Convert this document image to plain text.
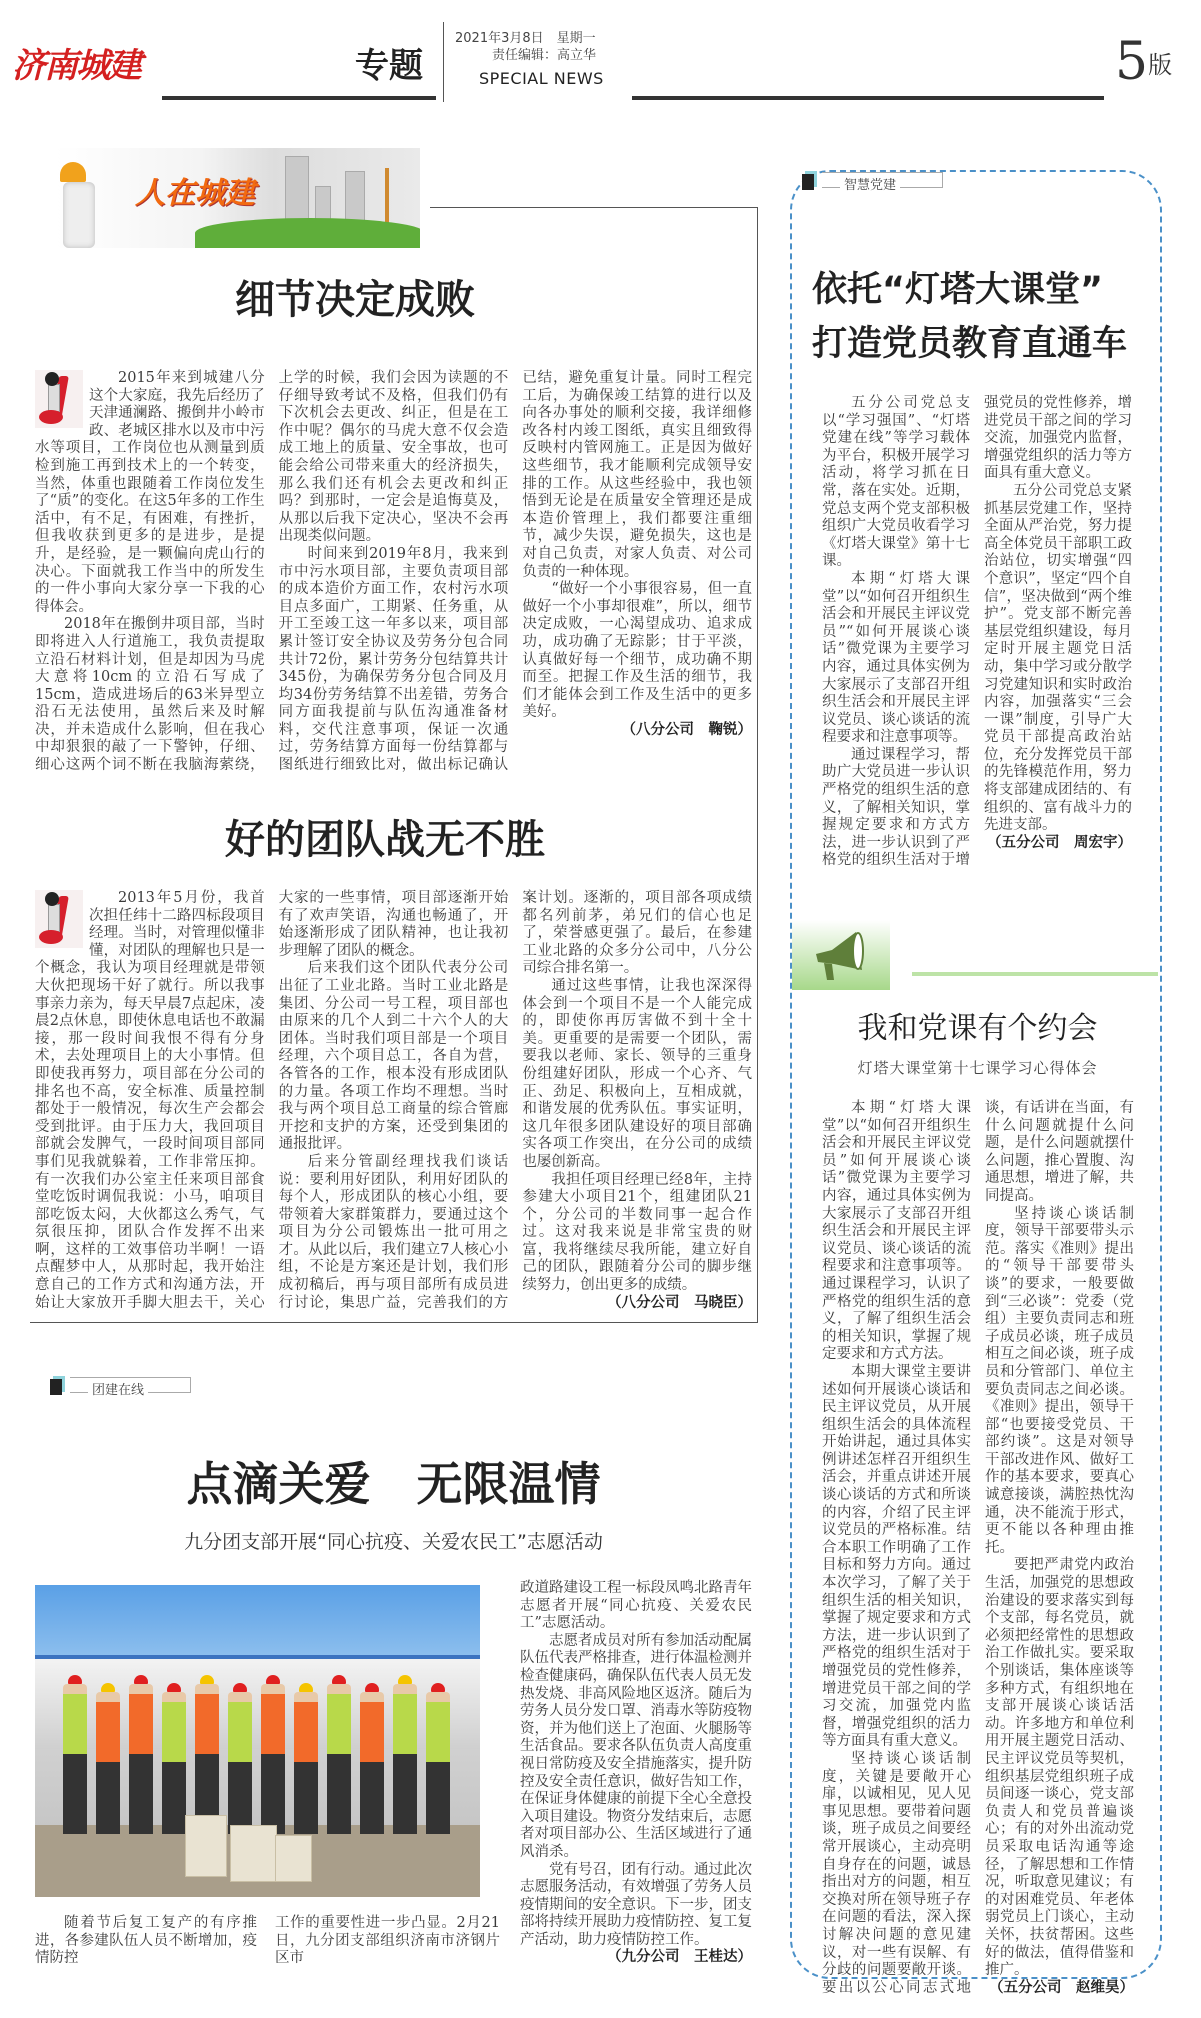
济南城建	专题
2021年3月8日　星期一
责任编辑：高立华
SPECIAL NEWS	5版
人在城建
细节决定成败

2015年来到城建八分这个大家庭，我先后经历了天津通澜路、搬倒井小岭市政、老城区排水以及市中污水等项目，工作岗位也从测量到质检到施工再到技术上的一个转变，当然，体重也跟随着工作岗位发生了“质”的变化。在这5年多的工作生活中，有不足，有困难，有挫折，但我收获到更多的是进步，是提升，是经验，是一颗偏向虎山行的决心。下面就我工作当中的所发生的一件小事向大家分享一下我的心得体会。

2018年在搬倒井项目部，当时即将进入人行道施工，我负责提取立沿石材料计划，但是却因为马虎大意将10cm的立沿石写成了15cm，造成进场后的63米异型立沿石无法使用，虽然后来及时解决，并未造成什么影响，但在我心中却狠狠的敲了一下警钟，仔细、细心这两个词不断在我脑海萦绕，上学的时候，我们会因为读题的不仔细导致考试不及格，但我们仍有下次机会去更改、纠正，但是在工作中呢？偶尔的马虎大意不仅会造成工地上的质量、安全事故，也可能会给公司带来重大的经济损失，那么我们还有机会去更改和纠正吗？到那时，一定会是追悔莫及，从那以后我下定决心，坚决不会再出现类似问题。

时间来到2019年8月，我来到市中污水项目部，主要负责项目部的成本造价方面工作，农村污水项目点多面广，工期紧、任务重，从开工至竣工这一年多以来，项目部累计签订安全协议及劳务分包合同共计72份，累计劳务分包结算共计345份，为确保劳务分包合同及月均34份劳务结算不出差错，劳务合同方面我提前与队伍沟通准备材料，交代注意事项，保证一次通过，劳务结算方面每一份结算都与图纸进行细致比对，做出标记确认已结，避免重复计量。同时工程完工后，为确保竣工结算的进行以及向各办事处的顺利交接，我详细修改各村内竣工图纸，真实且细致得反映村内管网施工。正是因为做好这些细节，我才能顺利完成领导安排的工作。从这些经验中，我也领悟到无论是在质量安全管理还是成本造价管理上，我们都要注重细节，减少失误，避免损失，这也是对自己负责，对家人负责、对公司负责的一种体现。

“做好一个小事很容易，但一直做好一个小事却很难”，所以，细节决定成败，一心渴望成功、追求成功，成功确了无踪影；甘于平淡，认真做好每一个细节，成功确不期而至。把握工作及生活的细节，我们才能体会到工作及生活中的更多美好。

（八分公司　鞠锐）

好的团队战无不胜

2013年5月份，我首次担任纬十二路四标段项目经理。当时，对管理似懂非懂，对团队的理解也只是一个概念，我认为项目经理就是带领大伙把现场干好了就行。所以我事事亲力亲为，每天早晨7点起床，凌晨2点休息，即使休息电话也不敢漏接，那一段时间我恨不得有分身术，去处理项目上的大小事情。但即使我再努力，项目部在分公司的排名也不高，安全标准、质量控制都处于一般情况，每次生产会都会受到批评。由于压力大，我回项目部就会发脾气，一段时间项目部同事们见我就躲着，工作非常压抑。有一次我们办公室主任来项目部食堂吃饭时调侃我说：小马，咱项目部吃饭太闷，大伙都这么秀气，气氛很压抑，团队合作发挥不出来啊，这样的工效事倍功半啊！一语点醒梦中人，从那时起，我开始注意自己的工作方式和沟通方法，开始让大家放开手脚大胆去干，关心大家的一些事情，项目部逐渐开始有了欢声笑语，沟通也畅通了，开始逐渐形成了团队精神，也让我初步理解了团队的概念。

后来我们这个团队代表分公司出征了工业北路。当时工业北路是集团、分公司一号工程，项目部也由原来的几个人到二十六个人的大团体。当时我们项目部是一个项目经理，六个项目总工，各自为营，各管各的工作，根本没有形成团队的力量。各项工作均不理想。当时我与两个项目总工商量的综合管廊开挖和支护的方案，还受到集团的通报批评。

后来分管副经理找我们谈话说：要利用好团队，利用好团队的每个人，形成团队的核心小组，要带领着大家群策群力，要通过这个项目为分公司锻炼出一批可用之才。从此以后，我们建立7人核心小组，不论是方案还是计划，我们形成初稿后，再与项目部所有成员进行讨论，集思广益，完善我们的方案计划。逐渐的，项目部各项成绩都名列前茅，弟兄们的信心也足了，荣誉感更强了。最后，在参建工业北路的众多分公司中，八分公司综合排名第一。

通过这些事情，让我也深深得体会到一个项目不是一个人能完成的，即使你再厉害做不到十全十美。更重要的是需要一个团队，需要我以老师、家长、领导的三重身份组建好团队，形成一个心齐、气正、劲足、积极向上，互相成就，和谐发展的优秀队伍。事实证明，这几年很多团队建设好的项目部确实各项工作突出，在分公司的成绩也屡创新高。

我担任项目经理已经8年，主持参建大小项目21个，组建团队21个，分公司的半数同事一起合作过。这对我来说是非常宝贵的财富，我将继续尽我所能，建立好自己的团队，跟随着分公司的脚步继续努力，创出更多的成绩。

（八分公司　马晓臣）

团建在线
点滴关爱　无限温情
九分团支部开展“同心抗疫、关爱农民工”志愿活动

随着节后复工复产的有序推进，各参建队伍人员不断增加，疫情防控

工作的重要性进一步凸显。2月21日，九分团支部组织济南市济钢片区市

政道路建设工程一标段凤鸣北路青年志愿者开展“同心抗疫、关爱农民工”志愿活动。

志愿者成员对所有参加活动配属队伍代表严格排查，进行体温检测并检查健康码，确保队伍代表人员无发热发烧、非高风险地区返济。随后为劳务人员分发口罩、消毒水等防疫物资，并为他们送上了泡面、火腿肠等生活食品。要求各队伍负责人高度重视日常防疫及安全措施落实，提升防控及安全责任意识，做好告知工作，在保证身体健康的前提下全心全意投入项目建设。物资分发结束后，志愿者对项目部办公、生活区域进行了通风消杀。

党有号召，团有行动。通过此次志愿服务活动，有效增强了劳务人员疫情期间的安全意识。下一步，团支部将持续开展助力疫情防控、复工复产活动，助力疫情防控工作。

（九分公司　王桂达）

智慧党建
依托“灯塔大课堂”
打造党员教育直通车

五分公司党总支以“学习强国”、“灯塔党建在线”等学习载体为平台，积极开展学习活动，将学习抓在日常，落在实处。近期，党总支两个党支部积极组织广大党员收看学习《灯塔大课堂》第十七课。

本期“灯塔大课堂”以“如何召开组织生活会和开展民主评议党员”“如何开展谈心谈话”微党课为主要学习内容，通过具体实例为大家展示了支部召开组织生活会和开展民主评议党员、谈心谈话的流程要求和注意事项等。

通过课程学习，帮助广大党员进一步认识严格党的组织生活的意义，了解相关知识，掌握规定要求和方式方法，进一步认识到了严格党的组织生活对于增强党员的党性修养，增进党员干部之间的学习交流，加强党内监督，增强党组织的活力等方面具有重大意义。

五分公司党总支紧抓基层党建工作，坚持全面从严治党，努力提高全体党员干部职工政治站位，切实增强“四个意识”，坚定“四个自信”，坚决做到“两个维护”。党支部不断完善基层党组织建设，每月定时开展主题党日活动，集中学习或分散学习党建知识和实时政治内容，加强落实“三会一课”制度，引导广大党员干部提高政治站位，充分发挥党员干部的先锋模范作用，努力将支部建成团结的、有组织的、富有战斗力的先进支部。

（五分公司　周宏宇）

我和党课有个约会
灯塔大课堂第十七课学习心得体会

本期“灯塔大课堂”以“如何召开组织生活会和开展民主评议党员”如何开展谈心谈话”微党课为主要学习内容，通过具体实例为大家展示了支部召开组织生活会和开展民主评议党员、谈心谈话的流程要求和注意事项等。通过课程学习，认识了严格党的组织生活的意义，了解了组织生活会的相关知识，掌握了规定要求和方式方法。

本期大课堂主要讲述如何开展谈心谈话和民主评议党员，从开展组织生活会的具体流程开始讲起，通过具体实例讲述怎样召开组织生活会，并重点讲述开展谈心谈话的方式和所谈的内容，介绍了民主评议党员的严格标准。结合本职工作明确了工作目标和努力方向。通过本次学习，了解了关于组织生活的相关知识，掌握了规定要求和方式方法，进一步认识到了严格党的组织生活对于增强党员的党性修养，增进党员干部之间的学习交流，加强党内监督，增强党组织的活力等方面具有重大意义。

坚持谈心谈话制度，关键是要敞开心扉，以诚相见，见人见事见思想。要带着问题谈，班子成员之间要经常开展谈心，主动亮明自身存在的问题，诚恳指出对方的问题，相互交换对所在领导班子存在问题的看法，深入探讨解决问题的意见建议，对一些有误解、有分歧的问题要敞开谈。要出以公心同志式地谈，有话讲在当面，有什么问题就提什么问题，是什么问题就摆什么问题，推心置腹、沟通思想，增进了解，共同提高。

坚持谈心谈话制度，领导干部要带头示范。落实《准则》提出的“领导干部要带头谈”的要求，一般要做到“三必谈”：党委（党组）主要负责同志和班子成员必谈，班子成员相互之间必谈，班子成员和分管部门、单位主要负责同志之间必谈。《准则》提出，领导干部“也要接受党员、干部约谈”。这是对领导干部改进作风、做好工作的基本要求，要真心诚意接谈，满腔热忱沟通，决不能流于形式，更不能以各种理由推托。

要把严肃党内政治生活，加强党的思想政治建设的要求落实到每个支部，每名党员，就必须把经常性的思想政治工作做扎实。要采取个别谈话，集体座谈等多种方式，有组织地在支部开展谈心谈话活动。许多地方和单位利用开展主题党日活动、民主评议党员等契机，组织基层党组织班子成员间逐一谈心，党支部负责人和党员普遍谈心；有的对外出流动党员采取电话沟通等途径，了解思想和工作情况，听取意见建议；有的对困难党员、年老体弱党员上门谈心，主动关怀，扶贫帮困。这些好的做法，值得借鉴和推广。

（五分公司　赵维昊）
